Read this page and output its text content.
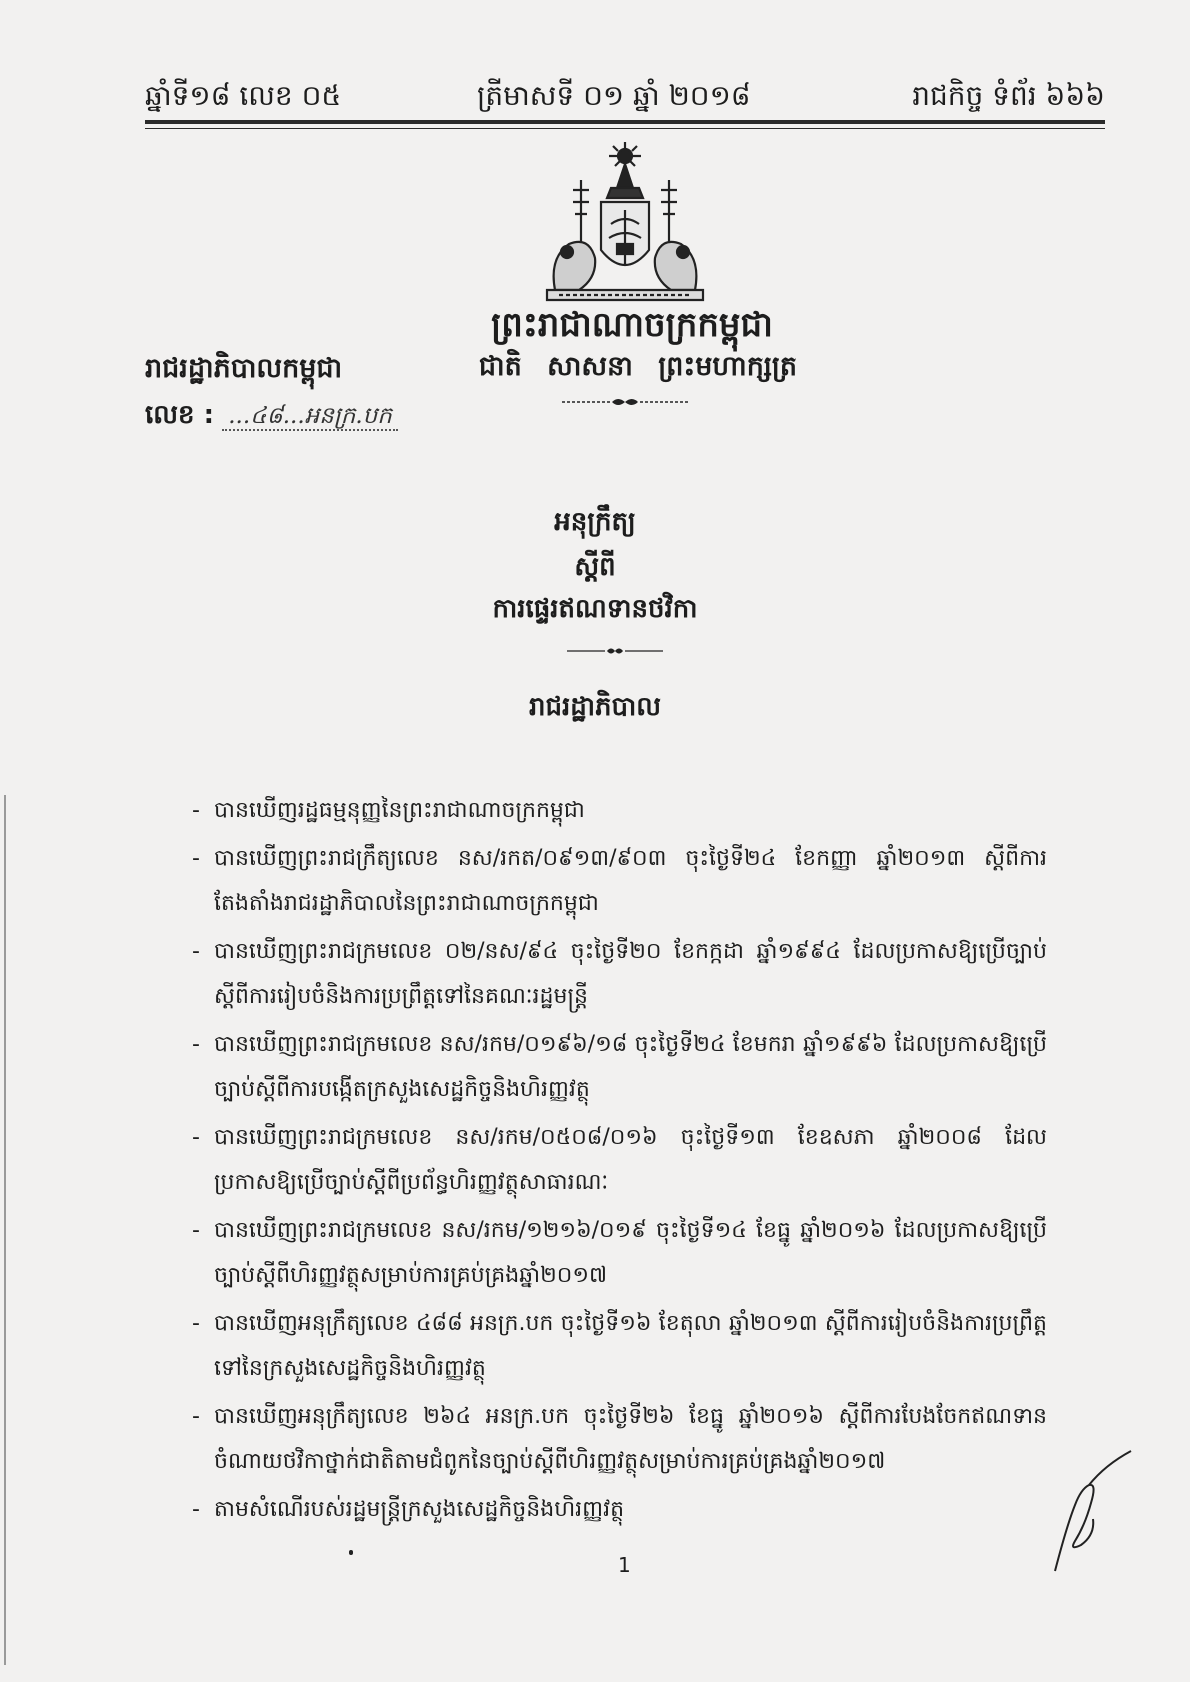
ឆ្នាំទី១៨ លេខ ០៥	ត្រីមាសទី ០១ ឆ្នាំ ២០១៨	រាជកិច្ច ទំព័រ ៦៦៦
ព្រះរាជាណាចក្រកម្ពុជា
ជាតិ សាសនា ព្រះមហាក្សត្រ
រាជរដ្ឋាភិបាលកម្ពុជា
លេខ : ...៤៨...អនក្រ.បក
អនុក្រឹត្យ
ស្តីពី
ការផ្ទេរឥណទានថវិកា
រាជរដ្ឋាភិបាល
- បានឃើញរដ្ឋធម្មនុញ្ញនៃព្រះរាជាណាចក្រកម្ពុជា
- បានឃើញព្រះរាជក្រឹត្យលេខ នស/រកត/០៩១៣/៩០៣ ចុះថ្ងៃទី២៤ ខែកញ្ញា ឆ្នាំ២០១៣ ស្តីពីការតែងតាំងរាជរដ្ឋាភិបាលនៃព្រះរាជាណាចក្រកម្ពុជា
- បានឃើញព្រះរាជក្រមលេខ ០២/នស/៩៤ ចុះថ្ងៃទី២០ ខែកក្កដា ឆ្នាំ១៩៩៤ ដែលប្រកាសឱ្យប្រើច្បាប់ស្តីពីការរៀបចំនិងការប្រព្រឹត្តទៅនៃគណៈរដ្ឋមន្ត្រី
- បានឃើញព្រះរាជក្រមលេខ នស/រកម/០១៩៦/១៨ ចុះថ្ងៃទី២៤ ខែមករា ឆ្នាំ១៩៩៦ ដែលប្រកាសឱ្យប្រើច្បាប់ស្តីពីការបង្កើតក្រសួងសេដ្ឋកិច្ចនិងហិរញ្ញវត្ថុ
- បានឃើញព្រះរាជក្រមលេខ នស/រកម/០៥០៨/០១៦ ចុះថ្ងៃទី១៣ ខែឧសភា ឆ្នាំ២០០៨ ដែលប្រកាសឱ្យប្រើច្បាប់ស្តីពីប្រព័ន្ធហិរញ្ញវត្ថុសាធារណៈ
- បានឃើញព្រះរាជក្រមលេខ នស/រកម/១២១៦/០១៩ ចុះថ្ងៃទី១៤ ខែធ្នូ ឆ្នាំ២០១៦ ដែលប្រកាសឱ្យប្រើច្បាប់ស្តីពីហិរញ្ញវត្ថុសម្រាប់ការគ្រប់គ្រងឆ្នាំ២០១៧
- បានឃើញអនុក្រឹត្យលេខ ៤៨៨ អនក្រ.បក ចុះថ្ងៃទី១៦ ខែតុលា ឆ្នាំ២០១៣ ស្តីពីការរៀបចំនិងការប្រព្រឹត្តទៅនៃក្រសួងសេដ្ឋកិច្ចនិងហិរញ្ញវត្ថុ
- បានឃើញអនុក្រឹត្យលេខ ២៦៤ អនក្រ.បក ចុះថ្ងៃទី២៦ ខែធ្នូ ឆ្នាំ២០១៦ ស្តីពីការបែងចែកឥណទានចំណាយថវិកាថ្នាក់ជាតិតាមជំពូកនៃច្បាប់ស្តីពីហិរញ្ញវត្ថុសម្រាប់ការគ្រប់គ្រងឆ្នាំ២០១៧
- តាមសំណើរបស់រដ្ឋមន្ត្រីក្រសួងសេដ្ឋកិច្ចនិងហិរញ្ញវត្ថុ
1
